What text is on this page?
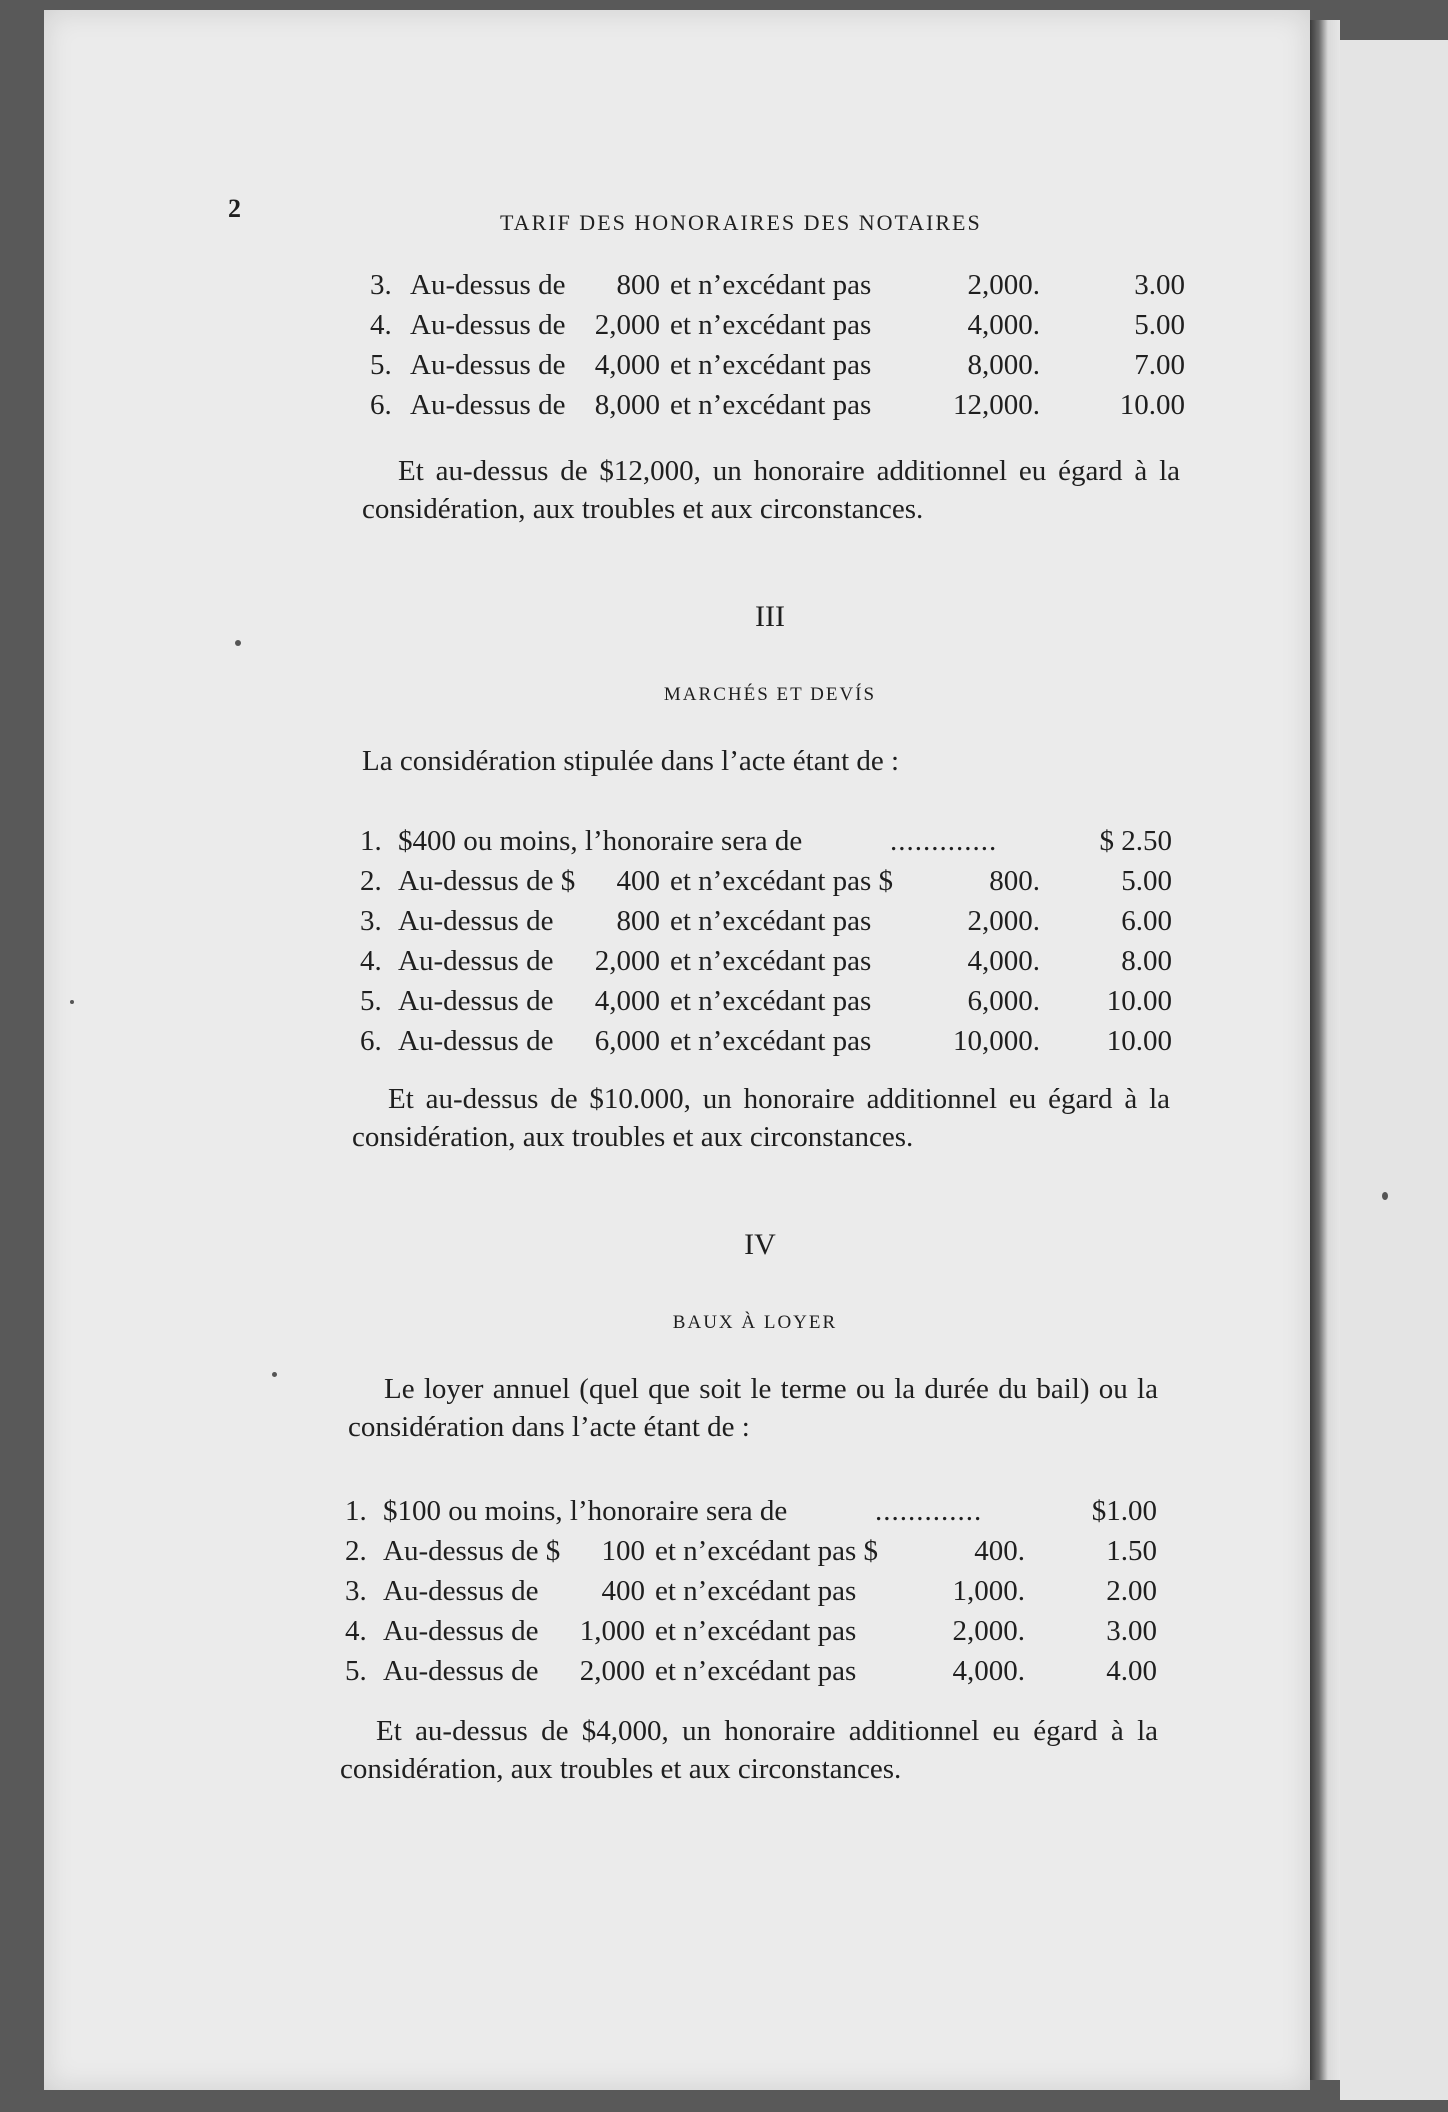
2	TARIF DES HONORAIRES DES NOTAIRES
3. Au-dessus de	800 et n’excédant pas	2,000.	3.00
4. Au-dessus de	2,000 et n’excédant pas	4,000.	5.00
5. Au-dessus de	4,000 et n’excédant pas	8,000.	7.00
6. Au-dessus de	8,000 et n’excédant pas	12,000.	10.00
Et au-dessus de $12,000, un honoraire additionnel eu égard à la considération, aux troubles et aux circonstances.
III
MARCHÉS ET DEVÍS
La considération stipulée dans l’acte étant de :
1. $400 ou moins, l’honoraire sera de	.............	$ 2.50
2. Au-dessus de $	400 et n’excédant pas $	800.	5.00
3. Au-dessus de	800 et n’excédant pas	2,000.	6.00
4. Au-dessus de	2,000 et n’excédant pas	4,000.	8.00
5. Au-dessus de	4,000 et n’excédant pas	6,000.	10.00
6. Au-dessus de	6,000 et n’excédant pas	10,000.	10.00
Et au-dessus de $10.000, un honoraire additionnel eu égard à la considération, aux troubles et aux circonstances.
IV
BAUX À LOYER
Le loyer annuel (quel que soit le terme ou la durée du bail) ou la considération dans l’acte étant de :
1. $100 ou moins, l’honoraire sera de	.............	$1.00
2. Au-dessus de $	100 et n’excédant pas $	400.	1.50
3. Au-dessus de	400 et n’excédant pas	1,000.	2.00
4. Au-dessus de	1,000 et n’excédant pas	2,000.	3.00
5. Au-dessus de	2,000 et n’excédant pas	4,000.	4.00
Et au-dessus de $4,000, un honoraire additionnel eu égard à la considération, aux troubles et aux circonstances.
